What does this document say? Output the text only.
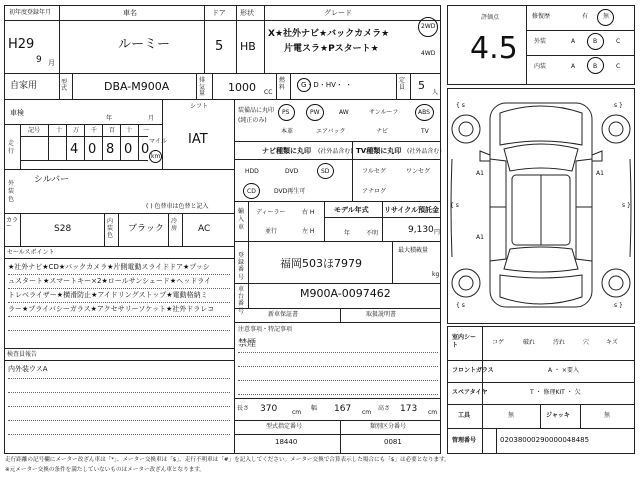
初年度登録年月	車名	ドア 形状	グレード
H29
9 月
ルーミー	5 HB
X★社外ナビ★バックカメラ★
片電スラ★Pスタート★
2WD
4WD
自家用	型式	DBA-M900A	排気量	1000 CC
燃料	G・D・HV・ ・
定員	5
人
車検
年	月
シフト
IAT
記号	十 万 千 百 十 一
走行	4 0 8 0 0
マイル
km
外装色
シルバー
( ) 色替車は色替と記入
カラー	S28
内装色
ブラック
冷房	AC
セールスポイント
★社外ナビ★CD★バックカメラ★片側電動スライドドア★プッシ
ュスタート★スマートキー×2★ロールサンシェード★ヘッドライ
トレベライザー★横滑防止★アイドリングストップ★電動格納ミ
ラー★プライバシーガラス★アクセサリーソケット★社外ドラレコ
検査員報告
内外装ウスA
装備品に丸印
(純正のみ)
PS	PW	AW	サンルーフ	ABS
本革	エアバック	ナビ	TV
ナビ種類に丸印 (社外品含む) TV種類に丸印 (社外品含む)
HDD	DVD	SD
CD	DVD再生可
フルセグ	ワンセグ
アナログ
輸入車
ディーラー	右 H
並行	左 H
モデル年式
年	不明
リサイクル預託金
9,130 円
登録番号
福岡503ほ7979
最大積載量
kg
車台番号
M900A-0097462
新車保証書	取扱説明書
注意事項・特記事項
禁煙
長さ 370 cm
幅 167 cm
高さ 173 cm
型式指定番号
18440
類別区分番号
0081
評価点
4.5
修復歴	有 無
外装	A	B	C
内装	A	B	C
{ s	s }
{ s	s }
{ s	s }
A1	A1
A1
室内シート	コゲ	破れ	汚れ	穴	キズ
フロントガラス	A ・ ×要入
スペアタイヤ	T ・ 修理KIT ・ 欠
工具	無	ジャッキ	無
管理番号	02038000290000048485
走行距離の記号欄にメーター改ざん車は「*」、メーター交換車は「$」、走行不明車は「#」を記入してください。メーター交換で合算表示した場合にも「$」は必要となります。
※元メーター交換の条件を満たしていないものはメーター改ざん車となります。
